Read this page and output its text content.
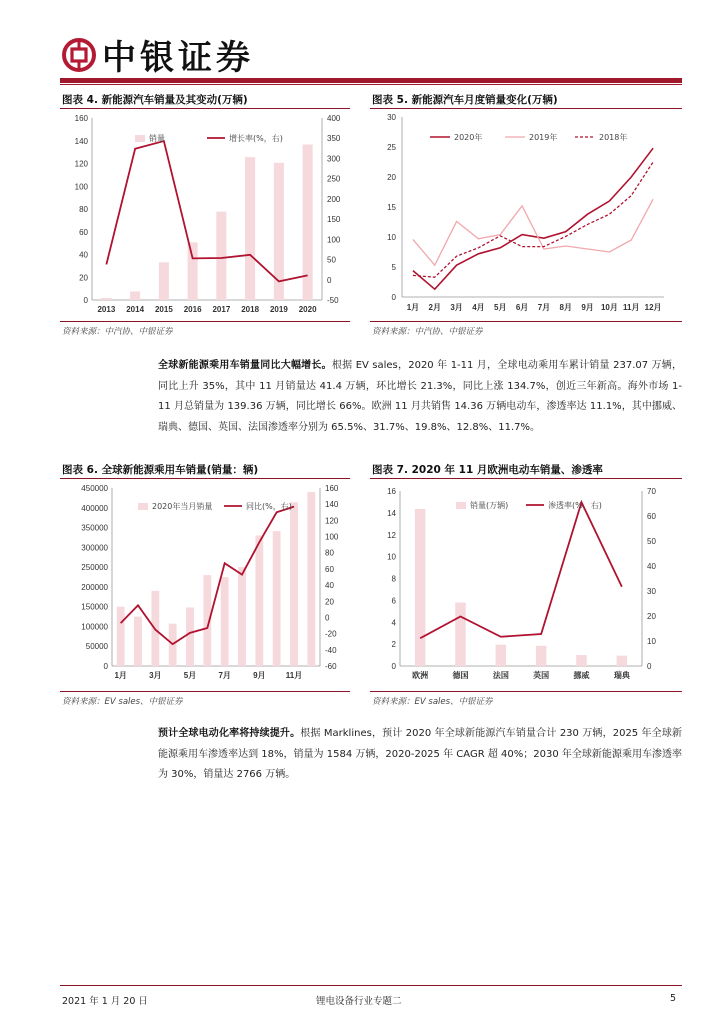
中银证券
图表 4. 新能源汽车销量及其变动(万辆)	图表 5. 新能源汽车月度销量变化(万辆)
0
20
40
60
80
100
120
140
160
-50
0
50
100
150
200
250
300
350
400
2013 2014 2015 2016 2017 2018 2019 2020
销量	增长率(%，右)
0
5
10
15
20
25
30
1月 2月 3月 4月 5月 6月 7月 8月 9月 10月 11月 12月
2020年	2019年	2018年
资料来源：中汽协、中银证券	资料来源：中汽协、中银证券
全球新能源乘用车销量同比大幅增长。根据 EV sales，2020 年 1-11 月，全球电动乘用车累计销量 237.07 万辆，同比上升 35%，其中 11 月销量达 41.4 万辆，环比增长 21.3%，同比上涨 134.7%，创近三年新高。海外市场 1-11 月总销量为 139.36 万辆，同比增长 66%。欧洲 11 月共销售 14.36 万辆电动车，渗透率达 11.1%，其中挪威、瑞典、德国、英国、法国渗透率分别为 65.5%、31.7%、19.8%、12.8%、11.7%。
图表 6. 全球新能源乘用车销量(销量：辆)	图表 7. 2020 年 11 月欧洲电动车销量、渗透率
0
50000
100000
150000
200000
250000
300000
350000
400000
450000
-60
-40
-20
0
20
40
60
80
100
120
140
160
1月	3月	5月	7月	9月	11月
2020年当月销量	同比(%，右)
0
2
4
6
8
10
12
14
16
0
10
20
30
40
50
60
70
欧洲	德国	法国	英国	挪威	瑞典
销量(万辆)	渗透率(%，右)
资料来源：EV sales、中银证券	资料来源：EV sales、中银证券
预计全球电动化率将持续提升。根据 Marklines，预计 2020 年全球新能源汽车销量合计 230 万辆，2025 年全球新能源乘用车渗透率达到 18%，销量为 1584 万辆，2020-2025 年 CAGR 超 40%；2030 年全球新能源乘用车渗透率为 30%，销量达 2766 万辆。
2021 年 1 月 20 日	锂电设备行业专题二	5
